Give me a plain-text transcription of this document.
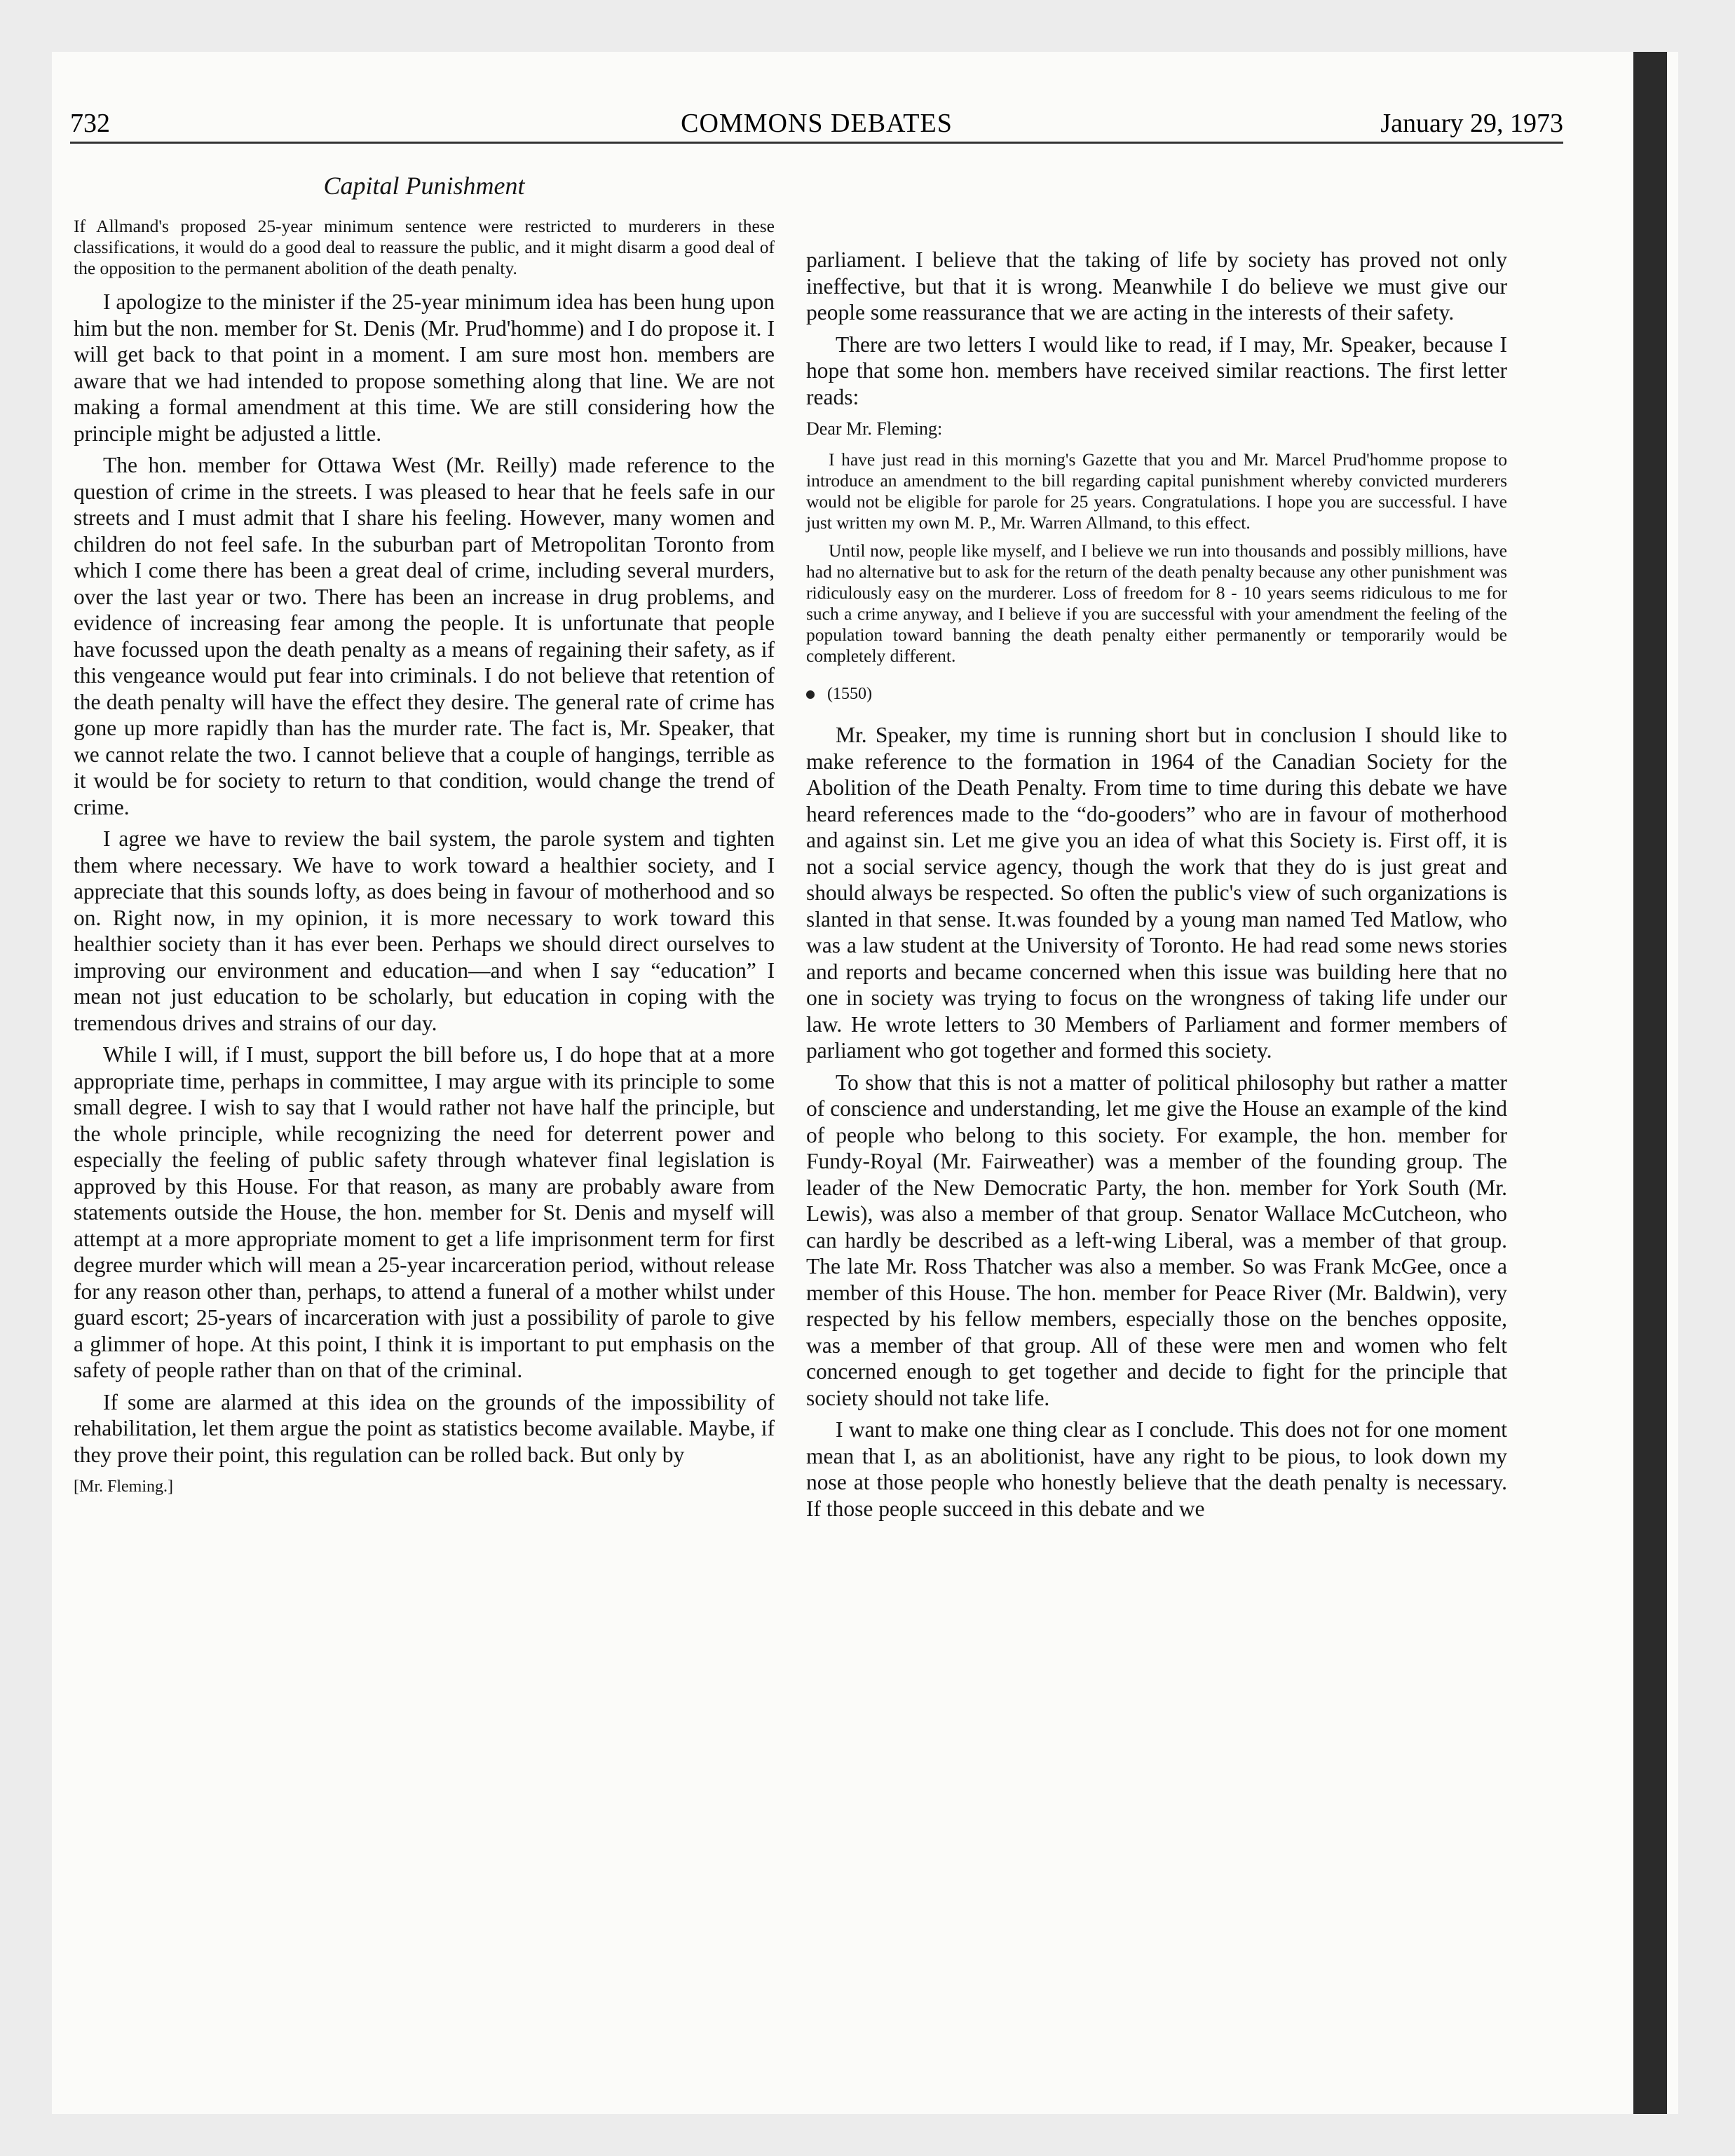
732	COMMONS DEBATES	January 29, 1973
Capital Punishment

If Allmand's proposed 25-year minimum sentence were restricted to murderers in these classifications, it would do a good deal to reassure the public, and it might disarm a good deal of the opposition to the permanent abolition of the death penalty.

I apologize to the minister if the 25-year minimum idea has been hung upon him but the non. member for St. Denis (Mr. Prud'homme) and I do propose it. I will get back to that point in a moment. I am sure most hon. members are aware that we had intended to propose something along that line. We are not making a formal amendment at this time. We are still considering how the principle might be adjusted a little.

The hon. member for Ottawa West (Mr. Reilly) made reference to the question of crime in the streets. I was pleased to hear that he feels safe in our streets and I must admit that I share his feeling. However, many women and children do not feel safe. In the suburban part of Metropolitan Toronto from which I come there has been a great deal of crime, including several murders, over the last year or two. There has been an increase in drug problems, and evidence of increasing fear among the people. It is unfortunate that people have focussed upon the death penalty as a means of regaining their safety, as if this vengeance would put fear into criminals. I do not believe that retention of the death penalty will have the effect they desire. The general rate of crime has gone up more rapidly than has the murder rate. The fact is, Mr. Speaker, that we cannot relate the two. I cannot believe that a couple of hangings, terrible as it would be for society to return to that condition, would change the trend of crime.

I agree we have to review the bail system, the parole system and tighten them where necessary. We have to work toward a healthier society, and I appreciate that this sounds lofty, as does being in favour of motherhood and so on. Right now, in my opinion, it is more necessary to work toward this healthier society than it has ever been. Perhaps we should direct ourselves to improving our environment and education—and when I say “education” I mean not just education to be scholarly, but education in coping with the tremendous drives and strains of our day.

While I will, if I must, support the bill before us, I do hope that at a more appropriate time, perhaps in committee, I may argue with its principle to some small degree. I wish to say that I would rather not have half the principle, but the whole principle, while recognizing the need for deterrent power and especially the feeling of public safety through whatever final legislation is approved by this House. For that reason, as many are probably aware from statements outside the House, the hon. member for St. Denis and myself will attempt at a more appropriate moment to get a life imprisonment term for first degree murder which will mean a 25-year incarceration period, without release for any reason other than, perhaps, to attend a funeral of a mother whilst under guard escort; 25-years of incarceration with just a possibility of parole to give a glimmer of hope. At this point, I think it is important to put emphasis on the safety of people rather than on that of the criminal.

If some are alarmed at this idea on the grounds of the impossibility of rehabilitation, let them argue the point as statistics become available. Maybe, if they prove their point, this regulation can be rolled back. But only by

[Mr. Fleming.]

parliament. I believe that the taking of life by society has proved not only ineffective, but that it is wrong. Meanwhile I do believe we must give our people some reassurance that we are acting in the interests of their safety.

There are two letters I would like to read, if I may, Mr. Speaker, because I hope that some hon. members have received similar reactions. The first letter reads:

Dear Mr. Fleming:

I have just read in this morning's Gazette that you and Mr. Marcel Prud'homme propose to introduce an amendment to the bill regarding capital punishment whereby convicted murderers would not be eligible for parole for 25 years. Congratulations. I hope you are successful. I have just written my own M. P., Mr. Warren Allmand, to this effect.

Until now, people like myself, and I believe we run into thousands and possibly millions, have had no alternative but to ask for the return of the death penalty because any other punishment was ridiculously easy on the murderer. Loss of freedom for 8 - 10 years seems ridiculous to me for such a crime anyway, and I believe if you are successful with your amendment the feeling of the population toward banning the death penalty either permanently or temporarily would be completely different.

(1550)

Mr. Speaker, my time is running short but in conclusion I should like to make reference to the formation in 1964 of the Canadian Society for the Abolition of the Death Penalty. From time to time during this debate we have heard references made to the “do-gooders” who are in favour of motherhood and against sin. Let me give you an idea of what this Society is. First off, it is not a social service agency, though the work that they do is just great and should always be respected. So often the public's view of such organizations is slanted in that sense. It.was founded by a young man named Ted Matlow, who was a law student at the University of Toronto. He had read some news stories and reports and became concerned when this issue was building here that no one in society was trying to focus on the wrongness of taking life under our law. He wrote letters to 30 Members of Parliament and former members of parliament who got together and formed this society.

To show that this is not a matter of political philosophy but rather a matter of conscience and understanding, let me give the House an example of the kind of people who belong to this society. For example, the hon. member for Fundy-Royal (Mr. Fairweather) was a member of the founding group. The leader of the New Democratic Party, the hon. member for York South (Mr. Lewis), was also a member of that group. Senator Wallace McCutcheon, who can hardly be described as a left-wing Liberal, was a member of that group. The late Mr. Ross Thatcher was also a member. So was Frank McGee, once a member of this House. The hon. member for Peace River (Mr. Baldwin), very respected by his fellow members, especially those on the benches opposite, was a member of that group. All of these were men and women who felt concerned enough to get together and decide to fight for the principle that society should not take life.

I want to make one thing clear as I conclude. This does not for one moment mean that I, as an abolitionist, have any right to be pious, to look down my nose at those people who honestly believe that the death penalty is necessary. If those people succeed in this debate and we
